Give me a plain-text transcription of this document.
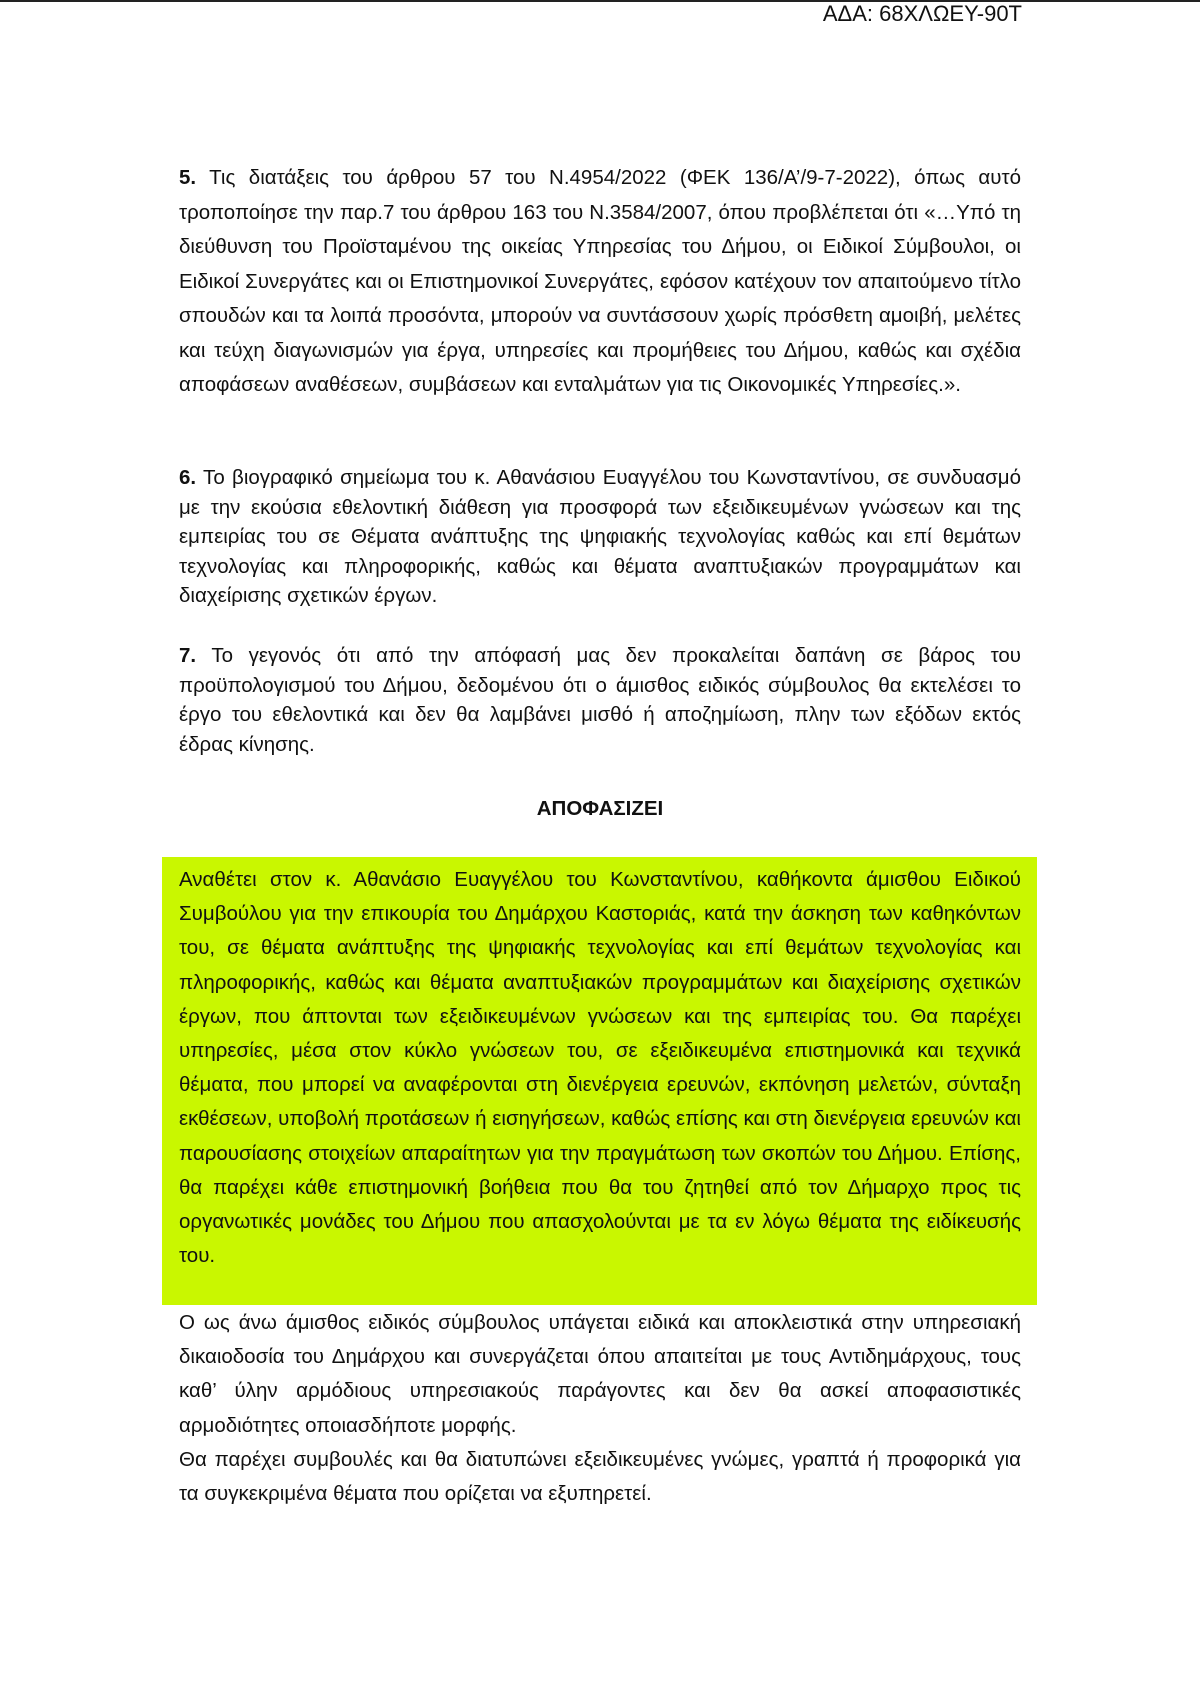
ΑΔΑ: 68ΧΛΩΕΥ-90Τ
5. Τις διατάξεις του άρθρου 57 του Ν.4954/2022 (ΦΕΚ 136/Α’/9-7-2022), όπως αυτό τροποποίησε την παρ.7 του άρθρου 163 του Ν.3584/2007, όπου προβλέπεται ότι «…Υπό τη διεύθυνση του Προϊσταμένου της οικείας Υπηρεσίας του Δήμου, οι Ειδικοί Σύμβουλοι, οι Ειδικοί Συνεργάτες και οι Επιστημονικοί Συνεργάτες, εφόσον κατέχουν τον απαιτούμενο τίτλο σπουδών και τα λοιπά προσόντα, μπορούν να συντάσσουν χωρίς πρόσθετη αμοιβή, μελέτες και τεύχη διαγωνισμών για έργα, υπηρεσίες και προμήθειες του Δήμου, καθώς και σχέδια αποφάσεων αναθέσεων, συμβάσεων και ενταλμάτων για τις Οικονομικές Υπηρεσίες.».
6. Το βιογραφικό σημείωμα του κ. Αθανάσιου Ευαγγέλου του Κωνσταντίνου, σε συνδυασμό με την εκούσια εθελοντική διάθεση για προσφορά των εξειδικευμένων γνώσεων και της εμπειρίας του σε Θέματα ανάπτυξης της ψηφιακής τεχνολογίας καθώς και επί θεμάτων τεχνολογίας και πληροφορικής, καθώς και θέματα αναπτυξιακών προγραμμάτων και διαχείρισης σχετικών έργων.
7. Το γεγονός ότι από την απόφασή μας δεν προκαλείται δαπάνη σε βάρος του προϋπολογισμού του Δήμου, δεδομένου ότι ο άμισθος ειδικός σύμβουλος θα εκτελέσει το έργο του εθελοντικά και δεν θα λαμβάνει μισθό ή αποζημίωση, πλην των εξόδων εκτός έδρας κίνησης.
ΑΠΟΦΑΣΙΖΕΙ

Αναθέτει στον κ. Αθανάσιο Ευαγγέλου του Κωνσταντίνου, καθήκοντα άμισθου Ειδικού Συμβούλου για την επικουρία του Δημάρχου Καστοριάς, κατά την άσκηση των καθηκόντων του, σε θέματα ανάπτυξης της ψηφιακής τεχνολογίας και επί θεμάτων τεχνολογίας και πληροφορικής, καθώς και θέματα αναπτυξιακών προγραμμάτων και διαχείρισης σχετικών έργων, που άπτονται των εξειδικευμένων γνώσεων και της εμπειρίας του. Θα παρέχει υπηρεσίες, μέσα στον κύκλο γνώσεων του, σε εξειδικευμένα επιστημονικά και τεχνικά θέματα, που μπορεί να αναφέρονται στη διενέργεια ερευνών, εκπόνηση μελετών, σύνταξη εκθέσεων, υποβολή προτάσεων ή εισηγήσεων, καθώς επίσης και στη διενέργεια ερευνών και παρουσίασης στοιχείων απαραίτητων για την πραγμάτωση των σκοπών του Δήμου. Επίσης, θα παρέχει κάθε επιστημονική βοήθεια που θα του ζητηθεί από τον Δήμαρχο προς τις οργανωτικές μονάδες του Δήμου που απασχολούνται με τα εν λόγω θέματα της ειδίκευσής του.

Ο ως άνω άμισθος ειδικός σύμβουλος υπάγεται ειδικά και αποκλειστικά στην υπηρεσιακή δικαιοδοσία του Δημάρχου και συνεργάζεται όπου απαιτείται με τους Αντιδημάρχους, τους καθ’ ύλην αρμόδιους υπηρεσιακούς παράγοντες και δεν θα ασκεί αποφασιστικές αρμοδιότητες οποιασδήποτε μορφής.

Θα παρέχει συμβουλές και θα διατυπώνει εξειδικευμένες γνώμες, γραπτά ή προφορικά για τα συγκεκριμένα θέματα που ορίζεται να εξυπηρετεί.
